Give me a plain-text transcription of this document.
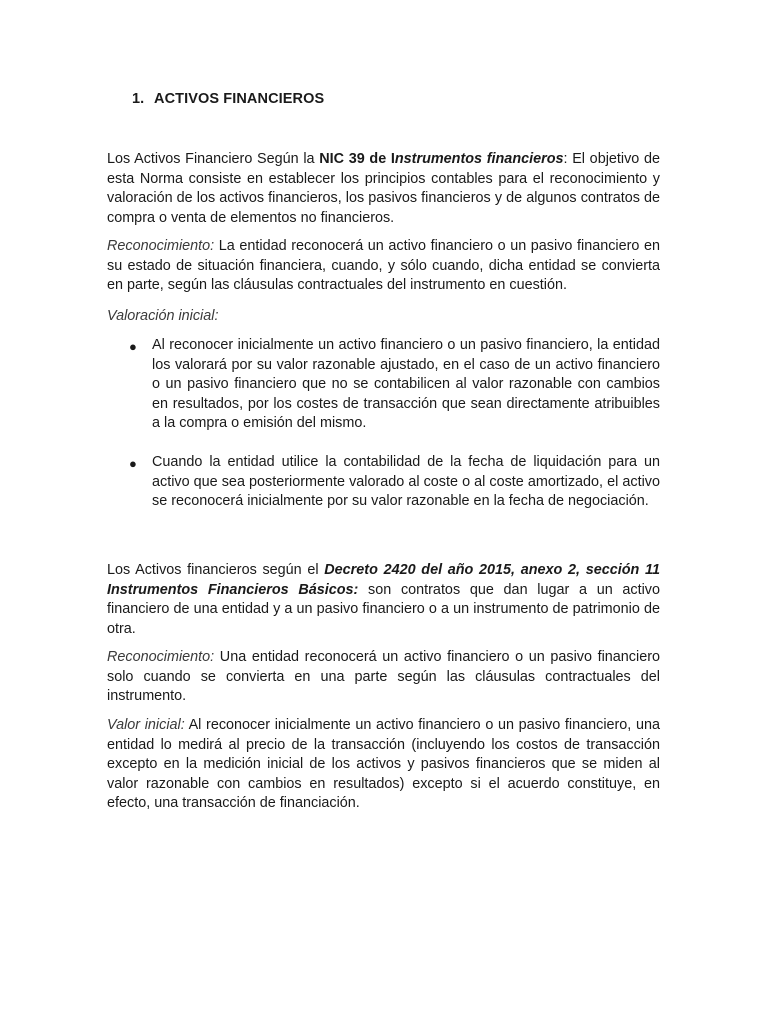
1. ACTIVOS FINANCIEROS

Los Activos Financiero Según la NIC 39 de Instrumentos financieros: El objetivo de esta Norma consiste en establecer los principios contables para el reconocimiento y valoración de los activos financieros, los pasivos financieros y de algunos contratos de compra o venta de elementos no financieros.

Reconocimiento: La entidad reconocerá un activo financiero o un pasivo financiero en su estado de situación financiera, cuando, y sólo cuando, dicha entidad se convierta en parte, según las cláusulas contractuales del instrumento en cuestión.

Valoración inicial:

● Al reconocer inicialmente un activo financiero o un pasivo financiero, la entidad los valorará por su valor razonable ajustado, en el caso de un activo financiero o un pasivo financiero que no se contabilicen al valor razonable con cambios en resultados, por los costes de transacción que sean directamente atribuibles a la compra o emisión del mismo.

● Cuando la entidad utilice la contabilidad de la fecha de liquidación para un activo que sea posteriormente valorado al coste o al coste amortizado, el activo se reconocerá inicialmente por su valor razonable en la fecha de negociación.

Los Activos financieros según el Decreto 2420 del año 2015, anexo 2, sección 11 Instrumentos Financieros Básicos: son contratos que dan lugar a un activo financiero de una entidad y a un pasivo financiero o a un instrumento de patrimonio de otra.

Reconocimiento: Una entidad reconocerá un activo financiero o un pasivo financiero solo cuando se convierta en una parte según las cláusulas contractuales del instrumento.

Valor inicial: Al reconocer inicialmente un activo financiero o un pasivo financiero, una entidad lo medirá al precio de la transacción (incluyendo los costos de transacción excepto en la medición inicial de los activos y pasivos financieros que se miden al valor razonable con cambios en resultados) excepto si el acuerdo constituye, en efecto, una transacción de financiación.
